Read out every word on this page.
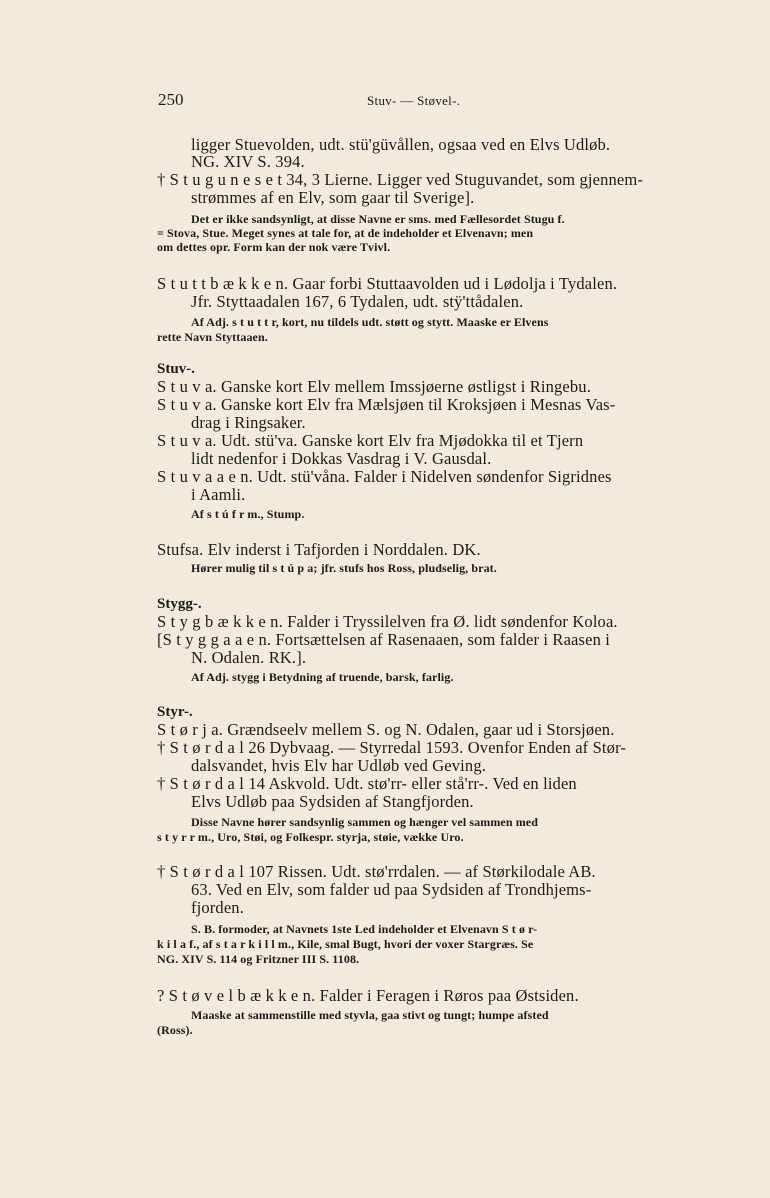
250	Stuv- — Støvel-.
ligger Stuevolden, udt. stü'güvållen, ogsaa ved en Elvs Udløb.
NG. XIV S. 394.
† S t u g u n e s e t 34, 3 Lierne. Ligger ved Stuguvandet, som gjennem-
strømmes af en Elv, som gaar til Sverige].
Det er ikke sandsynligt, at disse Navne er sms. med Fællesordet Stugu f.
= Stova, Stue. Meget synes at tale for, at de indeholder et Elvenavn; men
om dettes opr. Form kan der nok være Tvivl.
S t u t t b æ k k e n. Gaar forbi Stuttaavolden ud i Lødolja i Tydalen.
Jfr. Styttaadalen 167, 6 Tydalen, udt. stÿ'ttådalen.
Af Adj. s t u t t r, kort, nu tildels udt. støtt og stytt. Maaske er Elvens
rette Navn Styttaaen.
Stuv-.
S t u v a. Ganske kort Elv mellem Imssjøerne østligst i Ringebu.
S t u v a. Ganske kort Elv fra Mælsjøen til Kroksjøen i Mesnas Vas-
drag i Ringsaker.
S t u v a. Udt. stü'va. Ganske kort Elv fra Mjødokka til et Tjern
lidt nedenfor i Dokkas Vasdrag i V. Gausdal.
S t u v a a e n. Udt. stü'våna. Falder i Nidelven søndenfor Sigridnes
i Aamli.
Af s t ú f r m., Stump.
Stufsa. Elv inderst i Tafjorden i Norddalen. DK.
Hører mulig til s t ú p a; jfr. stufs hos Ross, pludselig, brat.
Stygg-.
S t y g b æ k k e n. Falder i Tryssilelven fra Ø. lidt søndenfor Koloa.
[S t y g g a a e n. Fortsættelsen af Rasenaaen, som falder i Raasen i
N. Odalen. RK.].
Af Adj. stygg i Betydning af truende, barsk, farlig.
Styr-.
S t ø r j a. Grændseelv mellem S. og N. Odalen, gaar ud i Storsjøen.
† S t ø r d a l 26 Dybvaag. — Styrredal 1593. Ovenfor Enden af Stør-
dalsvandet, hvis Elv har Udløb ved Geving.
† S t ø r d a l 14 Askvold. Udt. stø'rr- eller stå'rr-. Ved en liden
Elvs Udløb paa Sydsiden af Stangfjorden.
Disse Navne hører sandsynlig sammen og hænger vel sammen med
s t y r r m., Uro, Støi, og Folkespr. styrja, støie, vække Uro.
† S t ø r d a l 107 Rissen. Udt. stø'rrdalen. — af Størkilodale AB.
63. Ved en Elv, som falder ud paa Sydsiden af Trondhjems-
fjorden.
S. B. formoder, at Navnets 1ste Led indeholder et Elvenavn S t ø r-
k i l a f., af s t a r k i l l m., Kile, smal Bugt, hvori der voxer Stargræs. Se
NG. XIV S. 114 og Fritzner III S. 1108.
? S t ø v e l b æ k k e n. Falder i Feragen i Røros paa Østsiden.
Maaske at sammenstille med styvla, gaa stivt og tungt; humpe afsted
(Ross).
